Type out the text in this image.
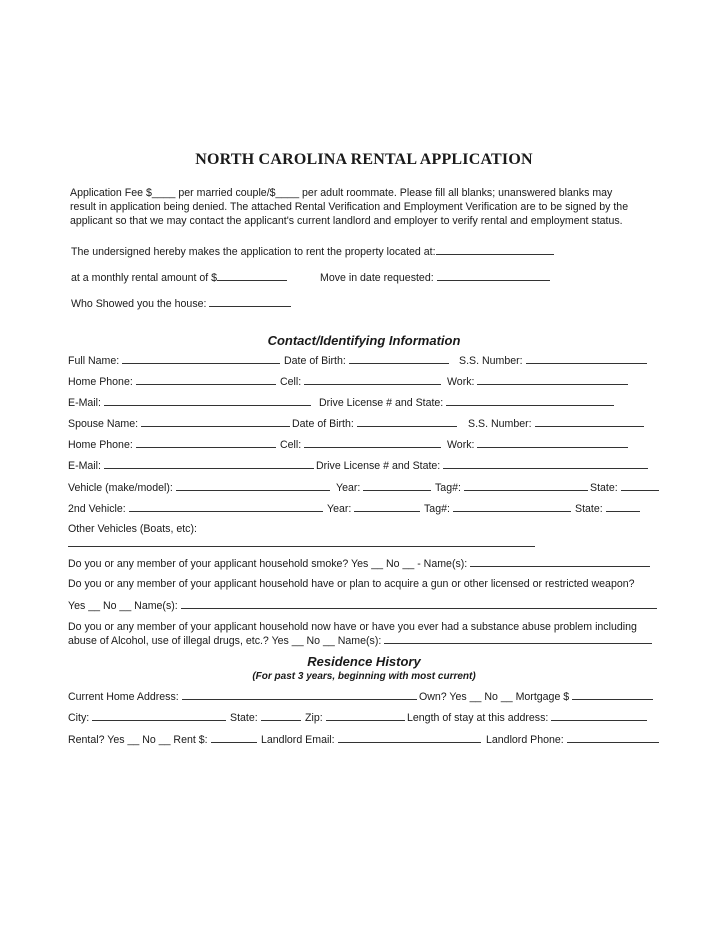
NORTH CAROLINA RENTAL APPLICATION
Application Fee $____ per married couple/$____ per adult roommate. Please fill all blanks; unanswered blanks may
result in application being denied. The attached Rental Verification and Employment Verification are to be signed by the
applicant so that we may contact the applicant's current landlord and employer to verify rental and employment status.
The undersigned hereby makes the application to rent the property located at:
at a monthly rental amount of $	Move in date requested:
Who Showed you the house:
Contact/Identifying Information
Full Name:	Date of Birth:	S.S. Number:
Home Phone:	Cell:	Work:
E-Mail:	Drive License # and State:
Spouse Name:	Date of Birth:	S.S. Number:
Home Phone:	Cell:	Work:
E-Mail:	Drive License # and State:
Vehicle (make/model):	Year:	Tag#:	State:
2nd Vehicle:	Year:	Tag#:	State:
Other Vehicles (Boats, etc):
Do you or any member of your applicant household smoke? Yes __ No __ - Name(s):
Do you or any member of your applicant household have or plan to acquire a gun or other licensed or restricted weapon?
Yes __ No __ Name(s):
Do you or any member of your applicant household now have or have you ever had a substance abuse problem including
abuse of Alcohol, use of illegal drugs, etc.? Yes __ No __ Name(s):
Residence History
(For past 3 years, beginning with most current)
Current Home Address:	Own? Yes __ No __ Mortgage $
City:	State:	Zip:	Length of stay at this address:
Rental? Yes __ No __ Rent $:	Landlord Email:	Landlord Phone:
